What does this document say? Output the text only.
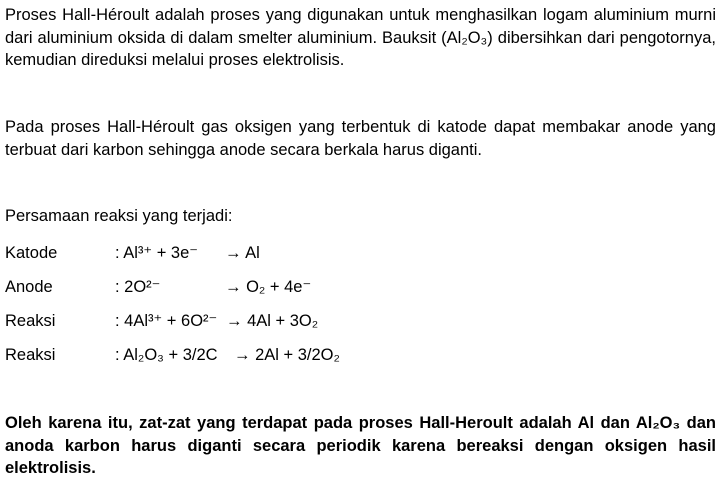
Proses Hall-Héroult adalah proses yang digunakan untuk menghasilkan logam aluminium murni dari aluminium oksida di dalam smelter aluminium. Bauksit (Al₂O₃) dibersihkan dari pengotornya, kemudian direduksi melalui proses elektrolisis.

Pada proses Hall-Héroult gas oksigen yang terbentuk di katode dapat membakar anode yang terbuat dari karbon sehingga anode secara berkala harus diganti.

Persamaan reaksi yang terjadi:

Katode	: Al³⁺ + 3e⁻ → Al
Anode	: 2O²⁻	→ O₂ + 4e⁻
Reaksi	: 4Al³⁺ + 6O²⁻ → 4Al + 3O₂
Reaksi	: Al₂O₃ + 3/2C → 2Al + 3/2O₂

Oleh karena itu, zat-zat yang terdapat pada proses Hall-Heroult adalah Al dan Al₂O₃ dan anoda karbon harus diganti secara periodik karena bereaksi dengan oksigen hasil elektrolisis.
